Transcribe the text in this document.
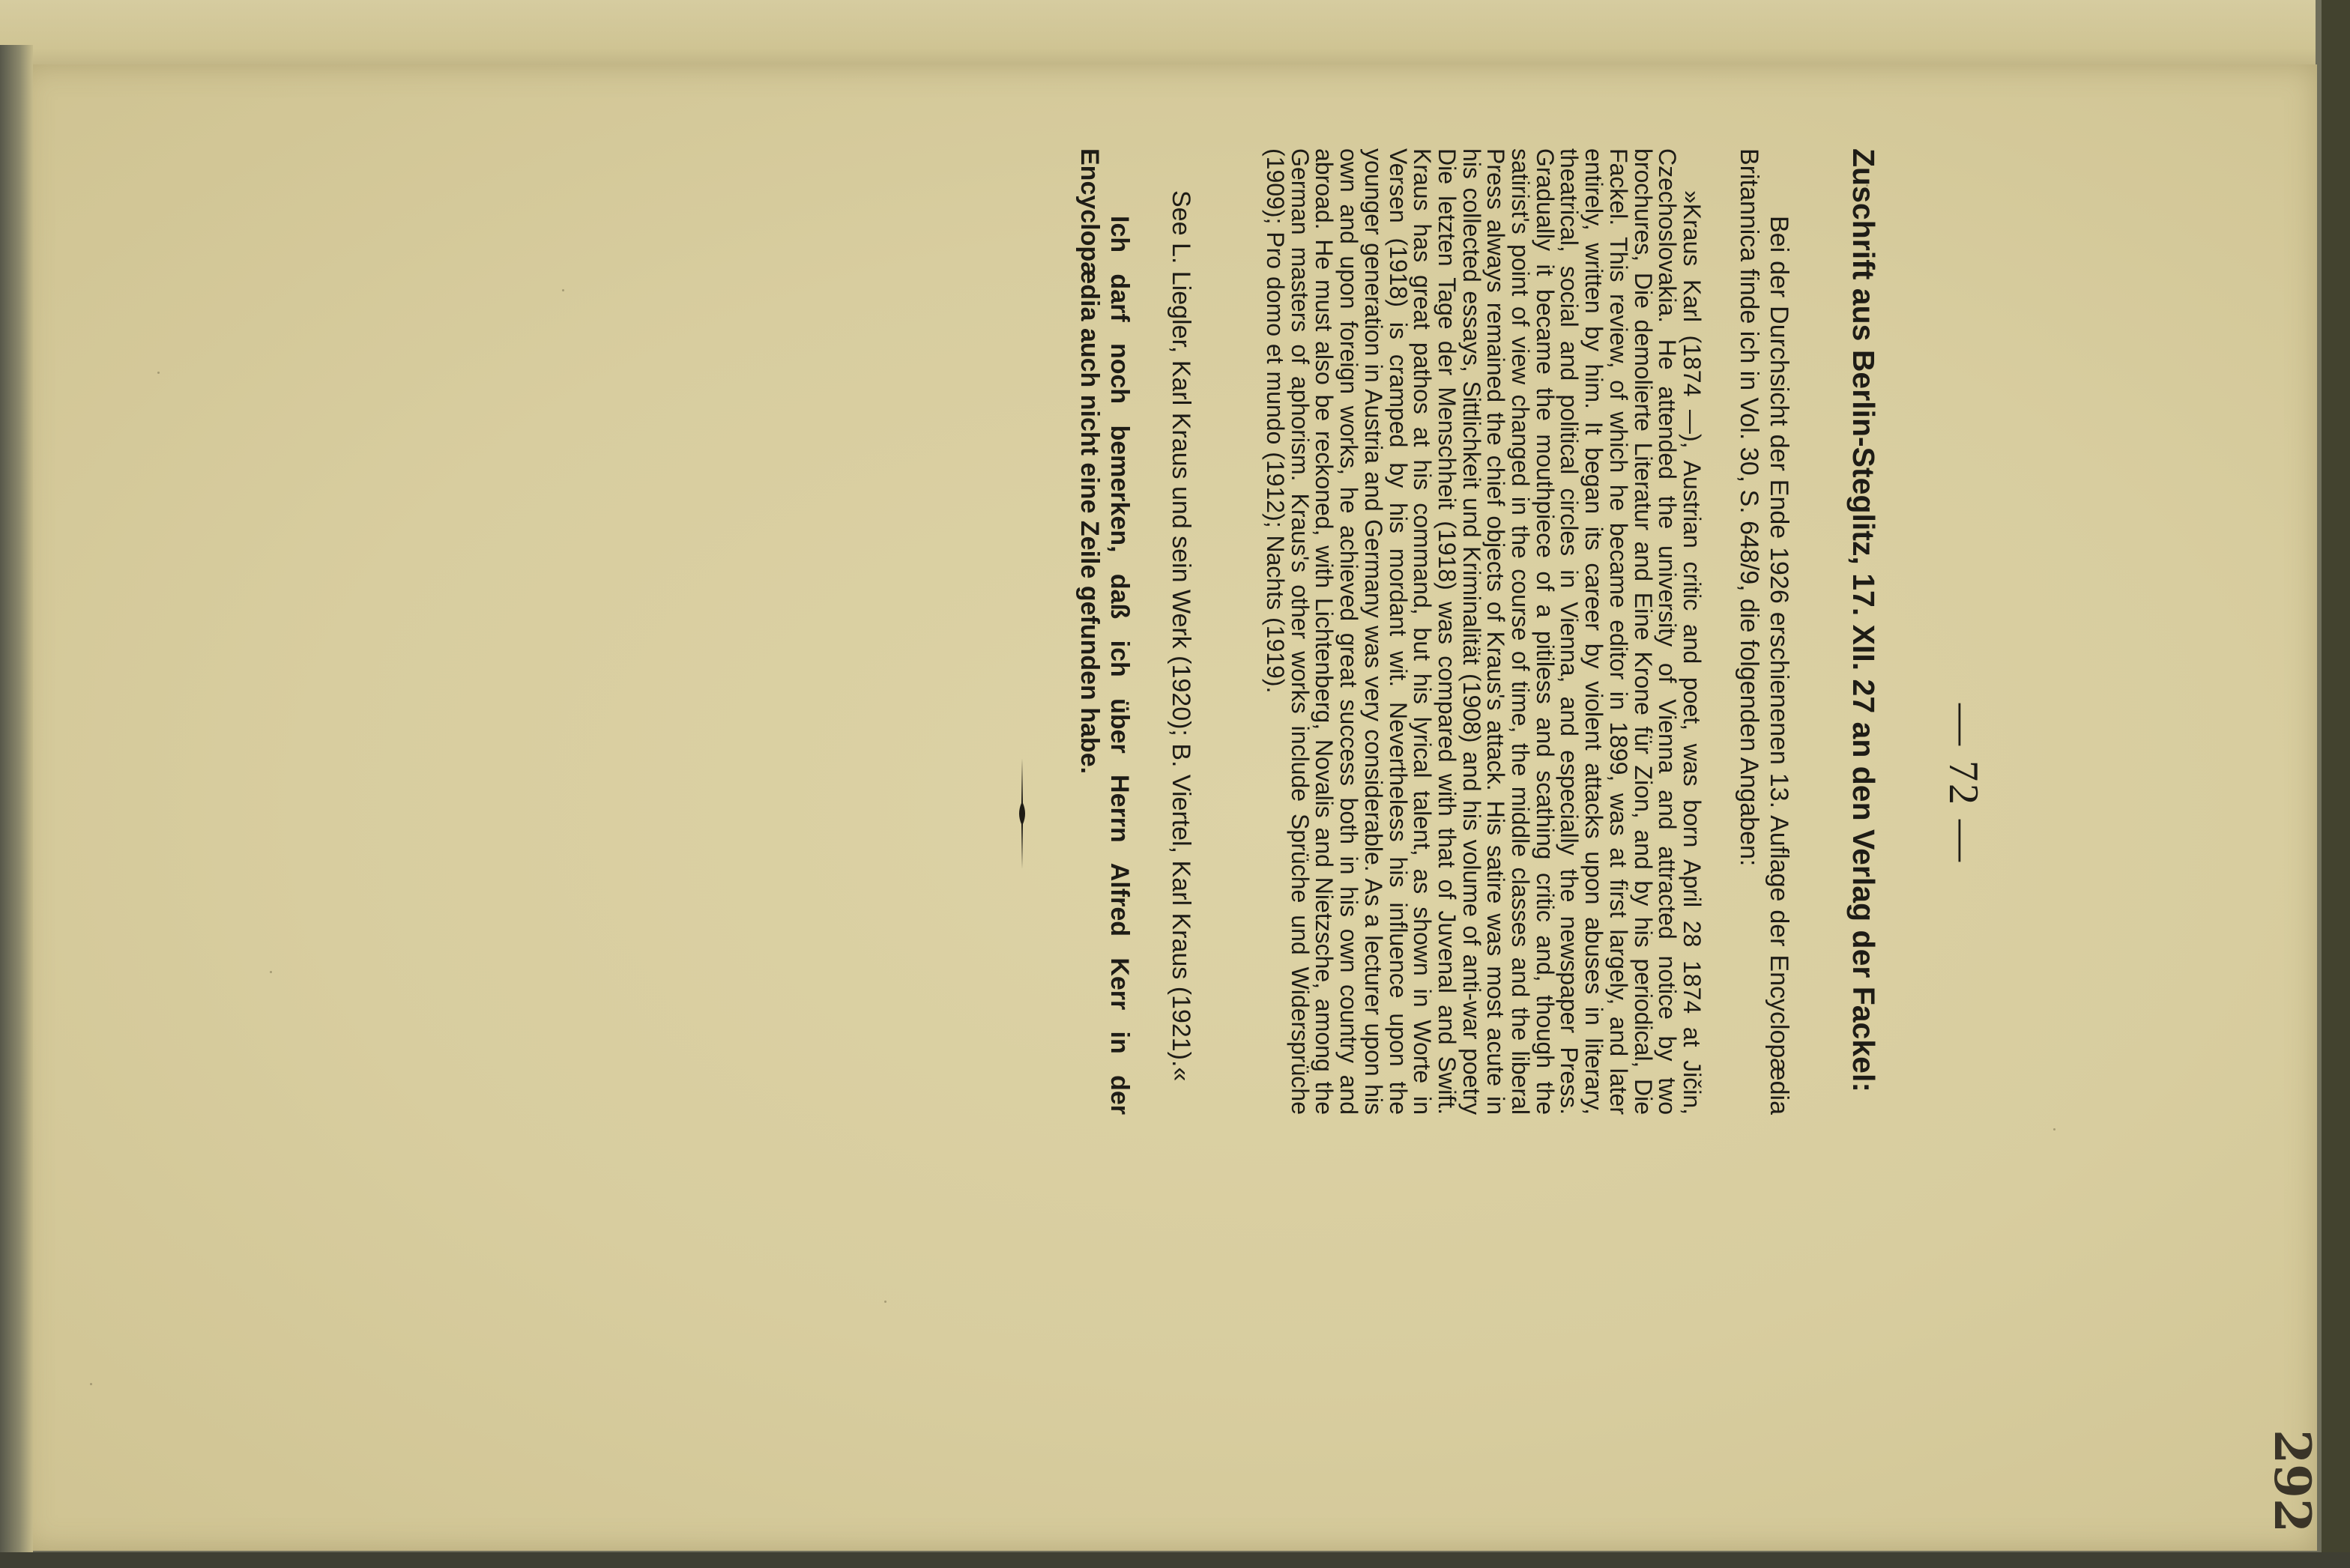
— 72 —

Zuschrift aus Berlin-Steglitz, 17. XII. 27 an den Verlag der Fackel:

Bei der Durchsicht der Ende 1926 erschienenen 13. Auflage der Encyclopædia Britannica finde ich in Vol. 30, S. 648/9, die folgenden Angaben:

»Kraus Karl (1874 —), Austrian critic and poet, was born April 28 1874 at Jičin, Czechoslovakia. He attended the university of Vienna and attracted notice by two brochures, Die demolierte Literatur and Eine Krone für Zion, and by his periodical, Die Fackel. This review, of which he became editor in 1899, was at first largely, and later entirely, written by him. It began its career by violent attacks upon abuses in literary, theatrical, social and political circles in Vienna, and especially the newspaper Press. Gradually it became the mouthpiece of a pitiless and scathing critic and, though the satirist's point of view changed in the course of time, the middle classes and the liberal Press always remained the chief objects of Kraus's attack. His satire was most acute in his collected essays, Sittlichkeit und Kriminalität (1908) and his volume of anti-war poetry Die letzten Tage der Menschheit (1918) was compared with that of Juvenal and Swift. Kraus has great pathos at his command, but his lyrical talent, as shown in Worte in Versen (1918) is cramped by his mordant wit. Nevertheless his influence upon the younger generation in Austria and Germany was very considerable. As a lecturer upon his own and upon foreign works, he achieved great success both in his own country and abroad. He must also be reckoned, with Lichtenberg, Novalis and Nietzsche, among the German masters of aphorism. Kraus's other works include Sprüche und Widersprüche (1909); Pro domo et mundo (1912); Nachts (1919).

See L. Liegler, Karl Kraus und sein Werk (1920); B. Viertel, Karl Kraus (1921).«

Ich darf noch bemerken, daß ich über Herrn Alfred Kerr in der Encyclopædia auch nicht eine Zeile gefunden habe.

292
